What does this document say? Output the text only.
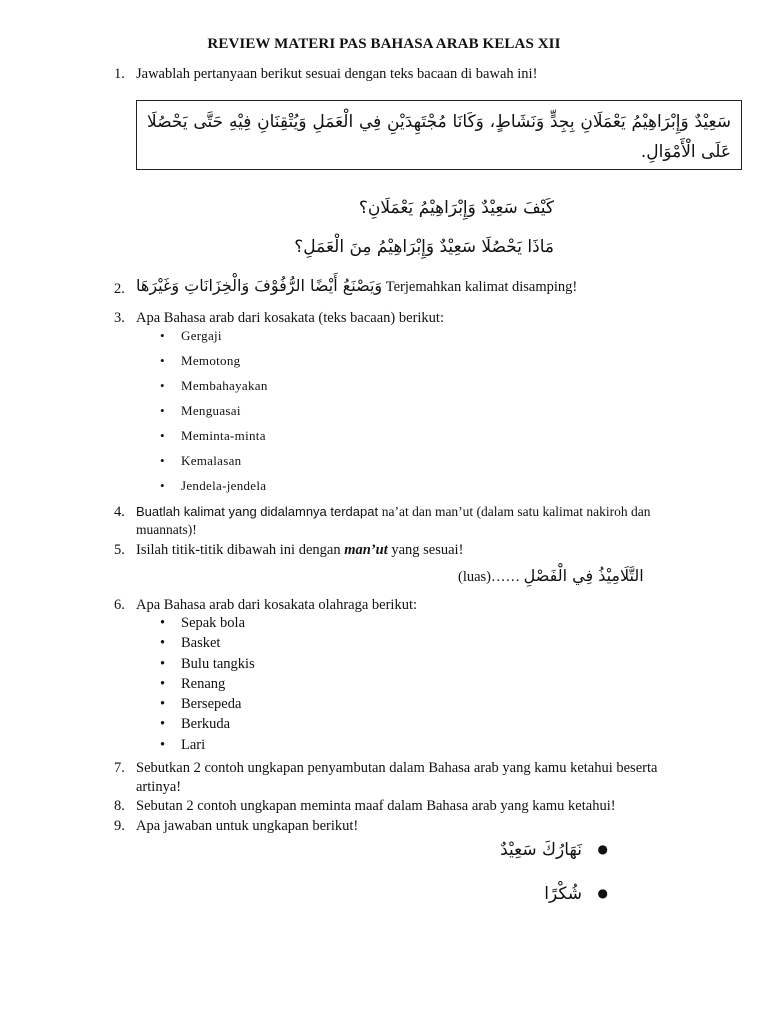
REVIEW MATERI PAS BAHASA ARAB KELAS XII
1. Jawablah pertanyaan berikut sesuai dengan teks bacaan di bawah ini!
سَعِيْدٌ وَإِبْرَاهِيْمُ يَعْمَلَانِ بِجِدٍّ وَنَشَاطٍ، وَكَانَا مُجْتَهِدَيْنِ فِي الْعَمَلِ وَيُتْقِنَانِ فِيْهِ حَتَّى يَحْصُلَا عَلَى الْأَمْوَالِ.
كَيْفَ سَعِيْدٌ وَإِبْرَاهِيْمُ يَعْمَلَانِ؟
مَاذَا يَحْصُلَا سَعِيْدٌ وَإِبْرَاهِيْمُ مِنَ الْعَمَلِ؟
2. وَيَصْنَعُ أَيْضًا الرُّفُوْفَ وَالْخِزَانَاتِ وَغَيْرَهَا Terjemahkan kalimat disamping!
3. Apa Bahasa arab dari kosakata (teks bacaan) berikut:
• Gergaji
• Memotong
• Membahayakan
• Menguasai
• Meminta-minta
• Kemalasan
• Jendela-jendela
4. Buatlah kalimat yang didalamnya terdapat na’at dan man’ut (dalam satu kalimat nakiroh dan
muannats)!
5. Isilah titik-titik dibawah ini dengan man’ut yang sesuai!
(luas)…… التَّلَامِيْذُ فِي الْفَصْلِ
6. Apa Bahasa arab dari kosakata olahraga berikut:
• Sepak bola
• Basket
• Bulu tangkis
• Renang
• Bersepeda
• Berkuda
• Lari
7. Sebutkan 2 contoh ungkapan penyambutan dalam Bahasa arab yang kamu ketahui beserta
artinya!
8. Sebutan 2 contoh ungkapan meminta maaf dalam Bahasa arab yang kamu ketahui!
9. Apa jawaban untuk ungkapan berikut!
● نَهَارُكَ سَعِيْدٌ
● شُكْرًا
